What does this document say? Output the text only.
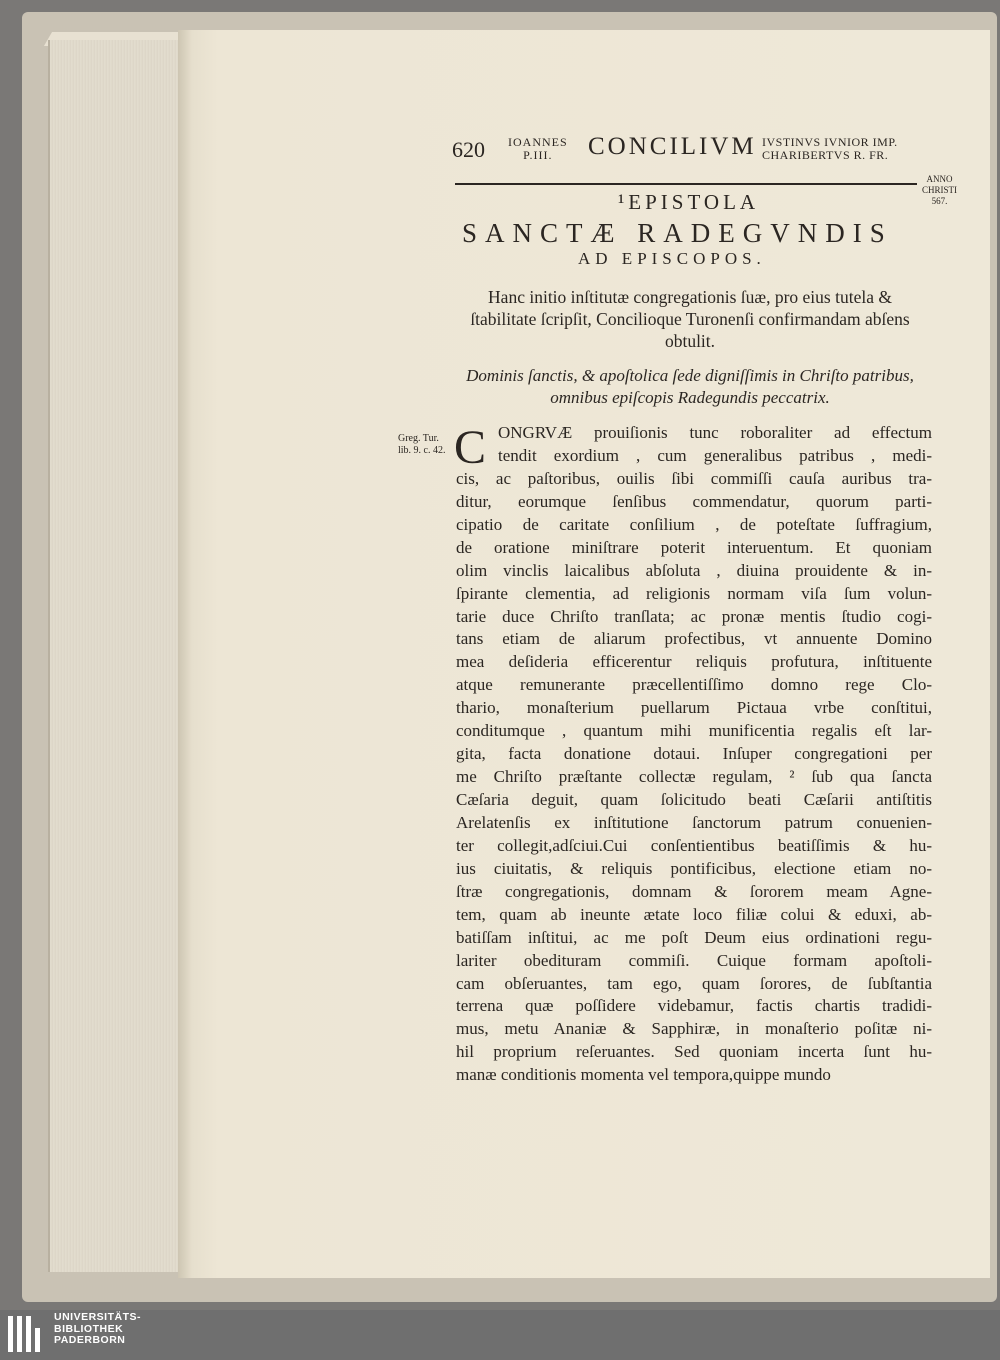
620 IOANNES
P.III.	CONCILIVM IVSTINVS IVNIOR IMP.
CHARIBERTVS R. FR.
ANNO
CHRISTI
567.
¹EPISTOLA
SANCTÆ RADEGVNDIS
AD EPISCOPOS.
Hanc initio inſtitutæ congregationis ſuæ, pro eius tutela & ſtabilitate ſcripſit, Concilioque Turonenſi confirmandam abſens obtulit.
Dominis ſanctis, & apoſtolica ſede digniſſimis in Chriſto patribus, omnibus epiſcopis Radegundis peccatrix.
Greg. Tur.
lib. 9. c. 42. C ONGRVÆ prouiſionis tunc roboraliter ad effectum
tendit exordium , cum generalibus patribus , medi-
cis, ac paſtoribus, ouilis ſibi commiſſi cauſa auribus tra-
ditur, eorumque ſenſibus commendatur, quorum parti-
cipatio de caritate conſilium , de poteſtate ſuffragium,
de oratione miniſtrare poterit interuentum. Et quoniam
olim vinclis laicalibus abſoluta , diuina prouidente & in-
ſpirante clementia, ad religionis normam viſa ſum volun-
tarie duce Chriſto tranſlata; ac pronæ mentis ſtudio cogi-
tans etiam de aliarum profectibus, vt annuente Domino
mea deſideria efficerentur reliquis profutura, inſtituente
atque remunerante præcellentiſſimo domno rege Clo-
thario, monaſterium puellarum Pictaua vrbe conſtitui,
conditumque , quantum mihi munificentia regalis eſt lar-
gita, facta donatione dotaui. Inſuper congregationi per
me Chriſto præſtante collectæ regulam, ² ſub qua ſancta
Cæſaria deguit, quam ſolicitudo beati Cæſarii antiſtitis
Arelatenſis ex inſtitutione ſanctorum patrum conuenien-
ter collegit,adſciui.Cui conſentientibus beatiſſimis & hu-
ius ciuitatis, & reliquis pontificibus, electione etiam no-
ſtræ congregationis, domnam & ſororem meam Agne-
tem, quam ab ineunte ætate loco filiæ colui & eduxi, ab-
batiſſam inſtitui, ac me poſt Deum eius ordinationi regu-
lariter obedituram commiſi. Cuique formam apoſtoli-
cam obſeruantes, tam ego, quam ſorores, de ſubſtantia
terrena quæ poſſidere videbamur, factis chartis tradidi-
mus, metu Ananiæ & Sapphiræ, in monaſterio poſitæ ni-
hil proprium reſeruantes. Sed quoniam incerta ſunt hu-
manæ conditionis momenta vel tempora,quippe mundo
UNIVERSITÄTS-
BIBLIOTHEK
PADERBORN
